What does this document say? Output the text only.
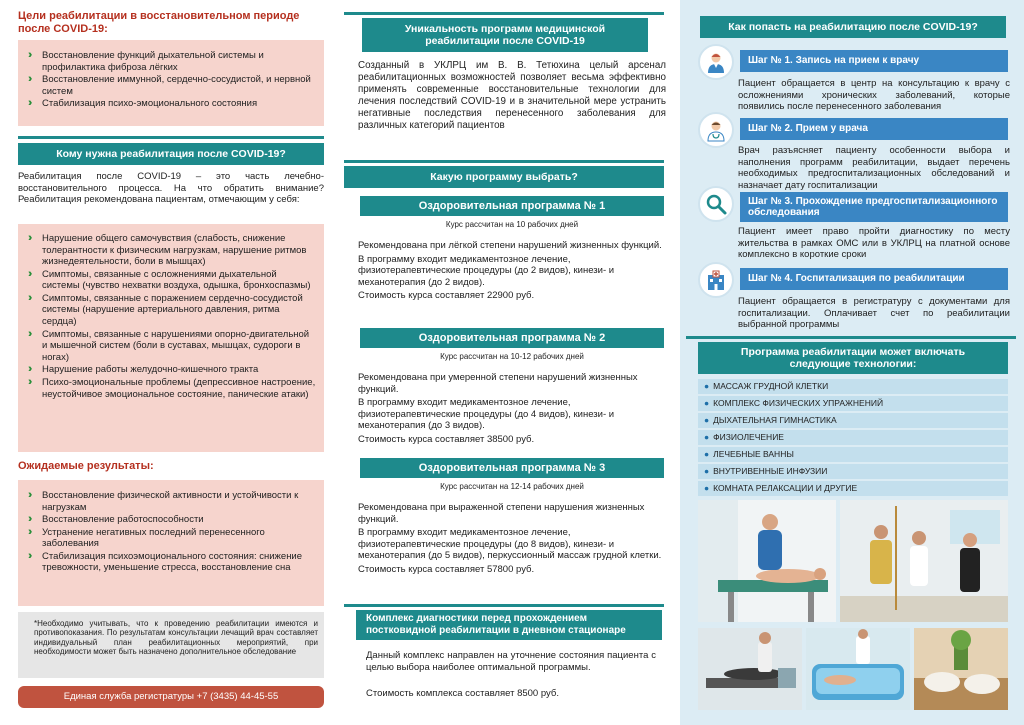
Цели реабилитации в восстановительном периоде после COVID-19:
›› Восстановление функций дыхательной системы и профилактика фиброза лёгких
›› Восстановление иммунной, сердечно-сосудистой, и нервной систем
›› Стабилизация психо-эмоционального состояния
Кому нужна реабилитация после COVID-19?
Реабилитация после COVID-19 – это часть лечебно-восстановительного процесса. На что обратить внимание? Реабилитация рекомендована пациентам, отмечающим у себя:
›› Нарушение общего самочувствия (слабость, снижение толерантности к физическим нагрузкам, нарушение ритмов жизнедеятельности, боли в мышцах)
›› Симптомы, связанные с осложнениями дыхательной системы (чувство нехватки воздуха, одышка, бронхоспазмы)
›› Симптомы, связанные с поражением сердечно-сосудистой системы (нарушение артериального давления, ритма сердца)
›› Симптомы, связанные с нарушениями опорно-двигательной и мышечной систем (боли в суставах, мышцах, судороги в ногах)
›› Нарушение работы желудочно-кишечного тракта
›› Психо-эмоциональные проблемы (депрессивное настроение, неустойчивое эмоциональное состояние, панические атаки)
Ожидаемые результаты:
›› Восстановление физической активности и устойчивости к нагрузкам
›› Восстановление работоспособности
›› Устранение негативных последний перенесенного заболевания
›› Стабилизация психоэмоционального состояния: снижение тревожности, уменьшение стресса, восстановление сна
*Необходимо учитывать, что к проведению реабилитации имеются и противопоказания. По результатам консультации лечащий врач составляет индивидуальный план реабилитационных мероприятий, при необходимости может быть назначено дополнительное обследование
Единая служба регистратуры +7 (3435) 44-45-55
Уникальность программ медицинской реабилитации после COVID-19
Созданный в УКЛРЦ им В. В. Тетюхина целый арсенал реабилитационных возможностей позволяет весьма эффективно применять современные восстановительные технологии для лечения последствий COVID-19 и в значительной мере устранить негативные последствия перенесенного заболевания для различных категорий пациентов
Какую программу выбрать?
Оздоровительная программа № 1
Курс рассчитан на 10 рабочих дней

Рекомендована при лёгкой степени нарушений жизненных функций.

В программу входит медикаментозное лечение, физиотерапевтические процедуры (до 2 видов), кинези- и механотерапия (до 2 видов).

Стоимость курса составляет 22900 руб.

Оздоровительная программа № 2
Курс рассчитан на 10-12 рабочих дней

Рекомендована при умеренной степени нарушений жизненных функций.

В программу входит медикаментозное лечение, физиотерапевтические процедуры (до 4 видов), кинези- и механотерапия (до 3 видов).

Стоимость курса составляет 38500 руб.

Оздоровительная программа № 3
Курс рассчитан на 12-14 рабочих дней

Рекомендована при выраженной степени нарушения жизненных функций.

В программу входит медикаментозное лечение, физиотерапевтические процедуры (до 8 видов), кинези- и механотерапия (до 5 видов), перкуссионный массаж грудной клетки.

Стоимость курса составляет 57800 руб.

Комплекс диагностики перед прохождением постковидной реабилитации в дневном стационаре
Данный комплекс направлен на уточнение состояния пациента с целью выбора наиболее оптимальной программы.
Стоимость комплекса составляет 8500 руб.
Как попасть на реабилитацию после COVID-19?
Шаг № 1. Запись на прием к врачу
Пациент обращается в центр на консультацию к врачу с осложнениями хронических заболеваний, которые появились после перенесенного заболевания
Шаг № 2. Прием у врача
Врач разъясняет пациенту особенности выбора и наполнения программ реабилитации, выдает перечень необходимых предгоспитализационных обследований и назначает дату госпитализации
Шаг № 3. Прохождение предгоспитализационного обследования
Пациент имеет право пройти диагностику по месту жительства в рамках ОМС или в УКЛРЦ на платной основе комплексно в короткие сроки
Шаг № 4. Госпитализация по реабилитации
Пациент обращается в регистратуру с документами для госпитализации. Оплачивает счет по реабилитации выбранной программы
Программа реабилитации может включать следующие технологии:
● МАССАЖ ГРУДНОЙ КЛЕТКИ
● КОМПЛЕКС ФИЗИЧЕСКИХ УПРАЖНЕНИЙ
● ДЫХАТЕЛЬНАЯ ГИМНАСТИКА
● ФИЗИОЛЕЧЕНИЕ
● ЛЕЧЕБНЫЕ ВАННЫ
● ВНУТРИВЕННЫЕ ИНФУЗИИ
● КОМНАТА РЕЛАКСАЦИИ И ДРУГИЕ
